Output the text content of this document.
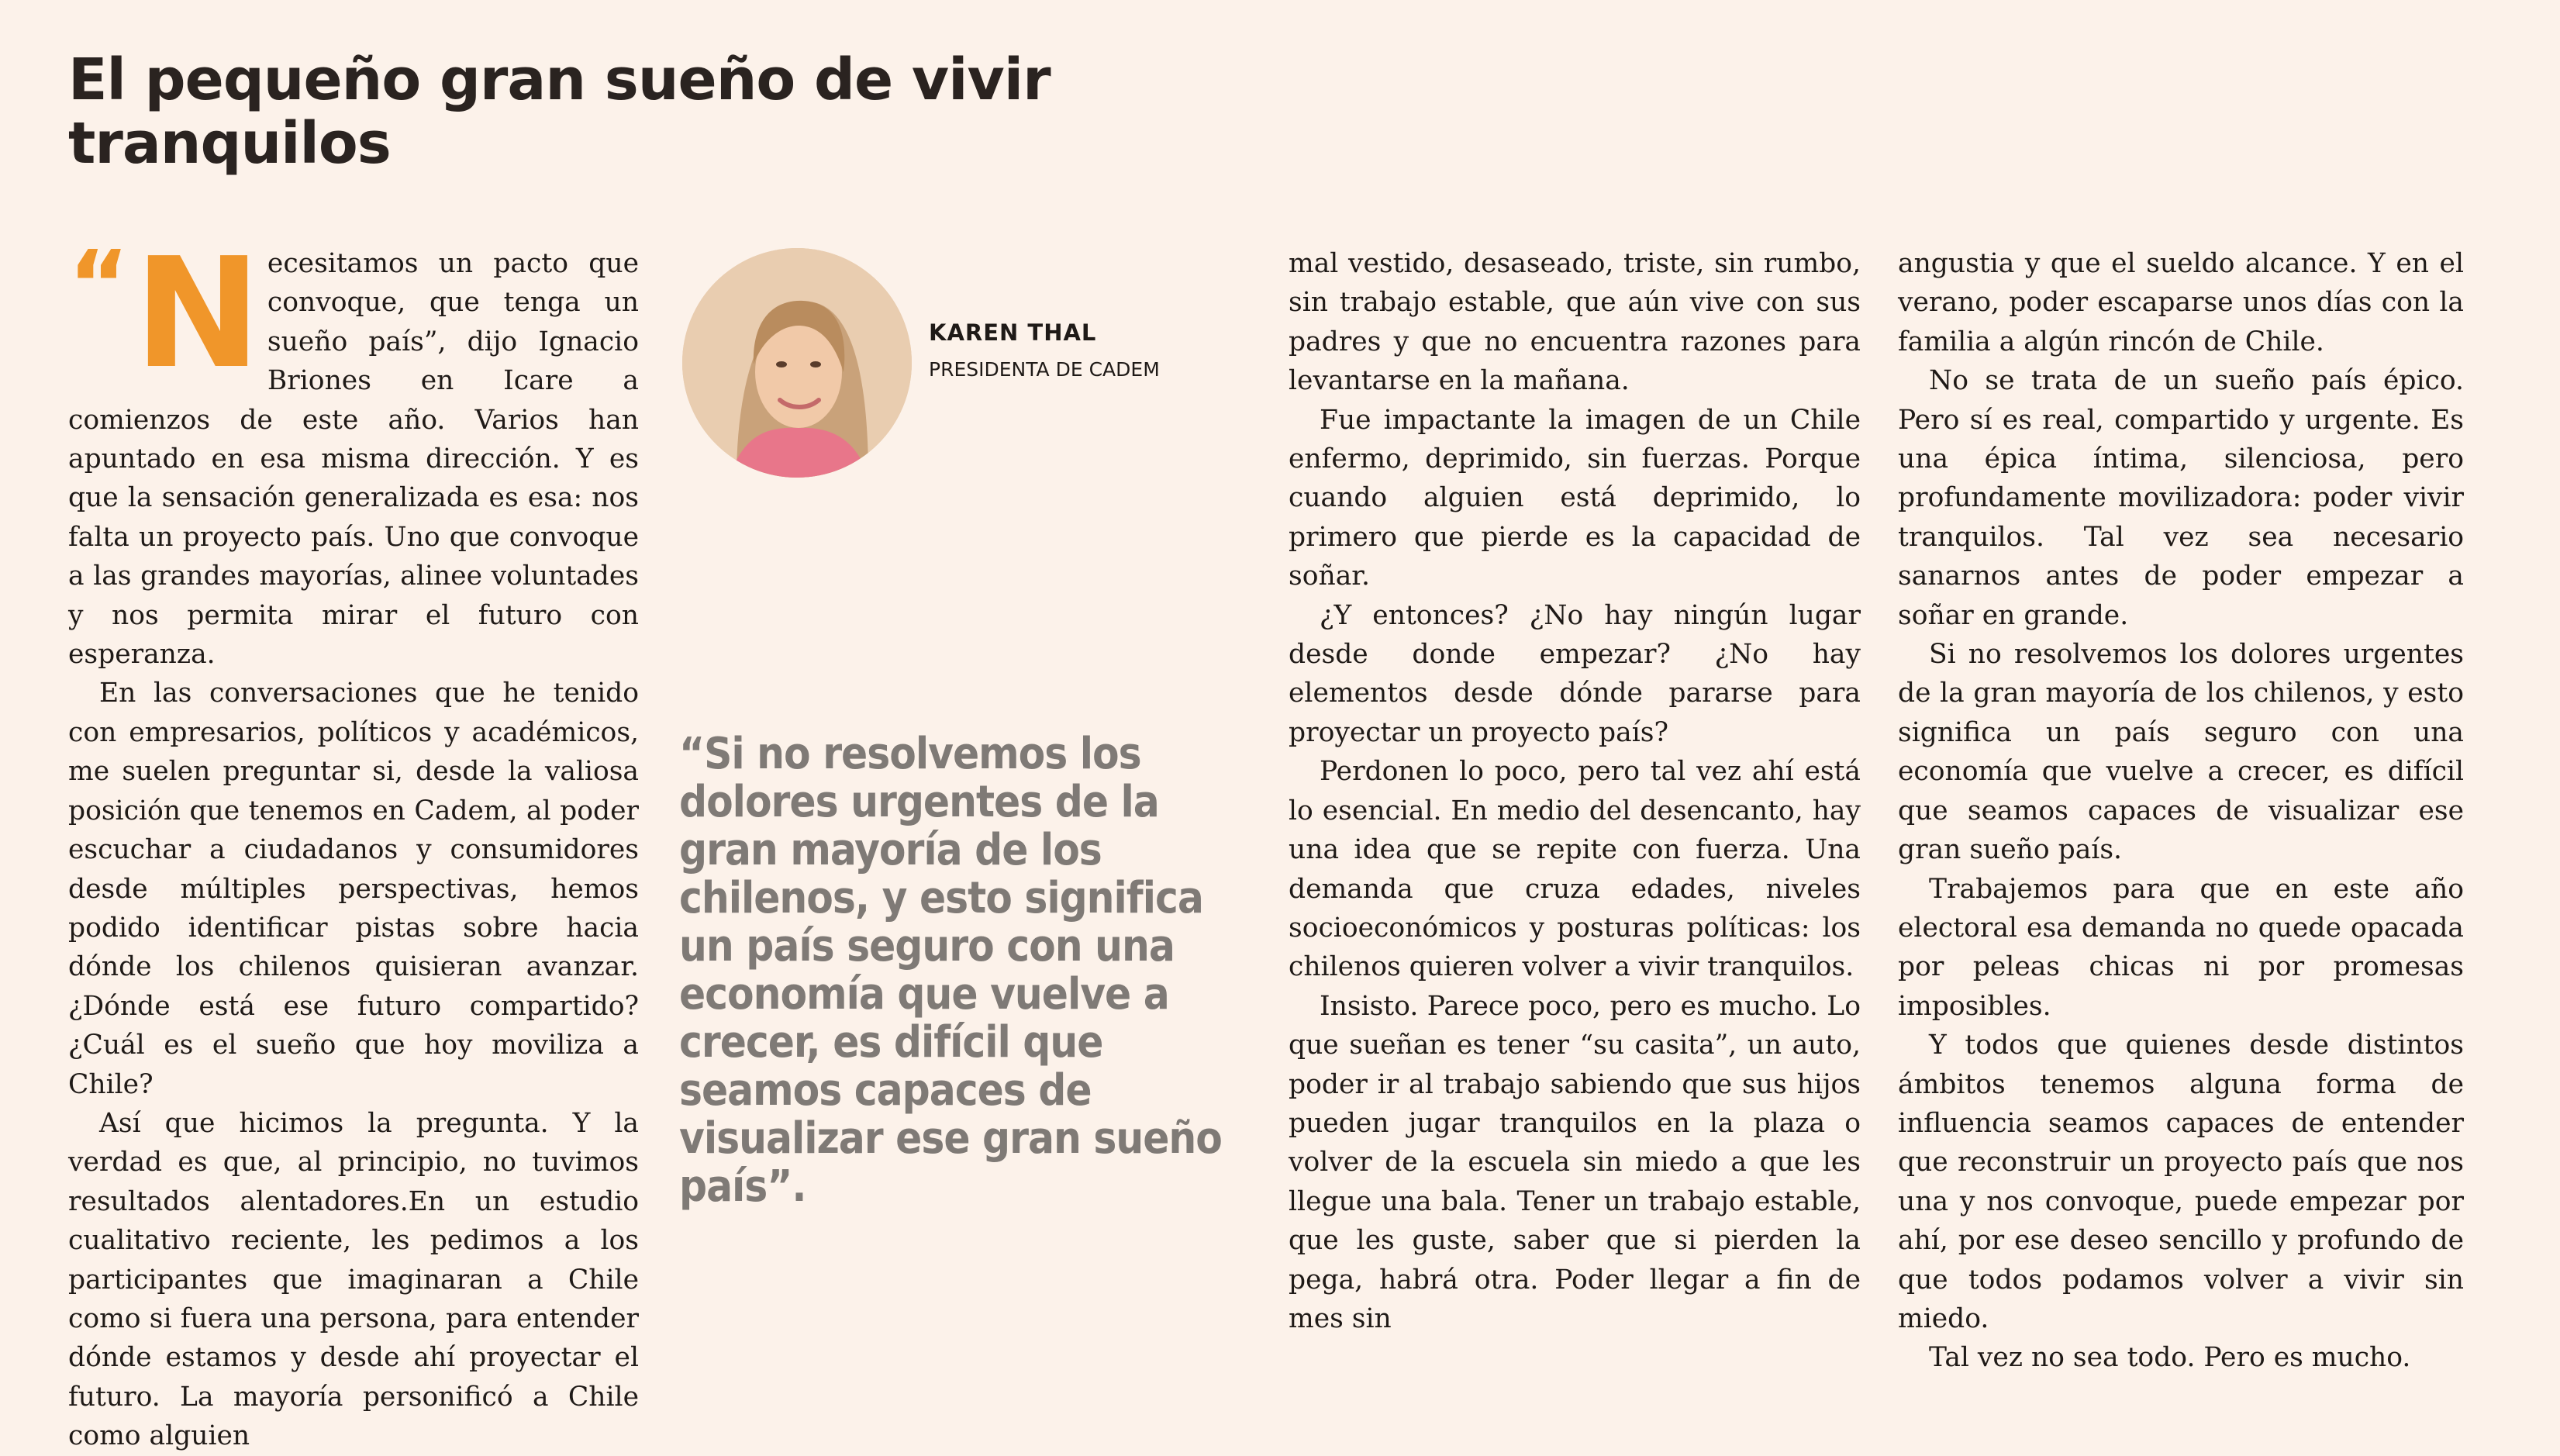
El pequeño gran sueño de vivir tranquilos

“ N ecesitamos un pacto que convoque, que tenga un sueño país”, dijo Ignacio Briones en Icare a comienzos de este año. Varios han apuntado en esa misma dirección. Y es que la sensación generalizada es esa: nos falta un proyecto país. Uno que convoque a las grandes mayorías, alinee voluntades y nos permita mirar el futuro con esperanza.

En las conversaciones que he tenido con empresarios, políticos y académicos, me suelen preguntar si, desde la valiosa posición que tenemos en Cadem, al poder escuchar a ciudadanos y consumidores desde múltiples perspectivas, hemos podido identificar pistas sobre hacia dónde los chilenos quisieran avanzar. ¿Dónde está ese futuro compartido? ¿Cuál es el sueño que hoy moviliza a Chile?

Así que hicimos la pregunta. Y la verdad es que, al principio, no tuvimos resultados alentadores.En un estudio cualitativo reciente, les pedimos a los participantes que imaginaran a Chile como si fuera una persona, para entender dónde estamos y desde ahí proyectar el futuro. La mayoría personificó a Chile como alguien

KAREN THAL
PRESIDENTA DE CADEM

“Si no resolvemos los dolores urgentes de la gran mayoría de los chilenos, y esto significa un país seguro con una economía que vuelve a crecer, es difícil que seamos capaces de visualizar ese gran sueño país”.

mal vestido, desaseado, triste, sin rumbo, sin trabajo estable, que aún vive con sus padres y que no encuentra razones para levantarse en la mañana.

Fue impactante la imagen de un Chile enfermo, deprimido, sin fuerzas. Porque cuando alguien está deprimido, lo primero que pierde es la capacidad de soñar.

¿Y entonces? ¿No hay ningún lugar desde donde empezar? ¿No hay elementos desde dónde pararse para proyectar un proyecto país?

Perdonen lo poco, pero tal vez ahí está lo esencial. En medio del desencanto, hay una idea que se repite con fuerza. Una demanda que cruza edades, niveles socioeconómicos y posturas políticas: los chilenos quieren volver a vivir tranquilos.

Insisto. Parece poco, pero es mucho. Lo que sueñan es tener “su casita”, un auto, poder ir al trabajo sabiendo que sus hijos pueden jugar tranquilos en la plaza o volver de la escuela sin miedo a que les llegue una bala. Tener un trabajo estable, que les guste, saber que si pierden la pega, habrá otra. Poder llegar a fin de mes sin

angustia y que el sueldo alcance. Y en el verano, poder escaparse unos días con la familia a algún rincón de Chile.

No se trata de un sueño país épico. Pero sí es real, compartido y urgente. Es una épica íntima, silenciosa, pero profundamente movilizadora: poder vivir tranquilos. Tal vez sea necesario sanarnos antes de poder empezar a soñar en grande.

Si no resolvemos los dolores urgentes de la gran mayoría de los chilenos, y esto significa un país seguro con una economía que vuelve a crecer, es difícil que seamos capaces de visualizar ese gran sueño país.

Trabajemos para que en este año electoral esa demanda no quede opacada por peleas chicas ni por promesas imposibles.

Y todos que quienes desde distintos ámbitos tenemos alguna forma de influencia seamos capaces de entender que reconstruir un proyecto país que nos una y nos convoque, puede empezar por ahí, por ese deseo sencillo y profundo de que todos podamos volver a vivir sin miedo.

Tal vez no sea todo. Pero es mucho.
